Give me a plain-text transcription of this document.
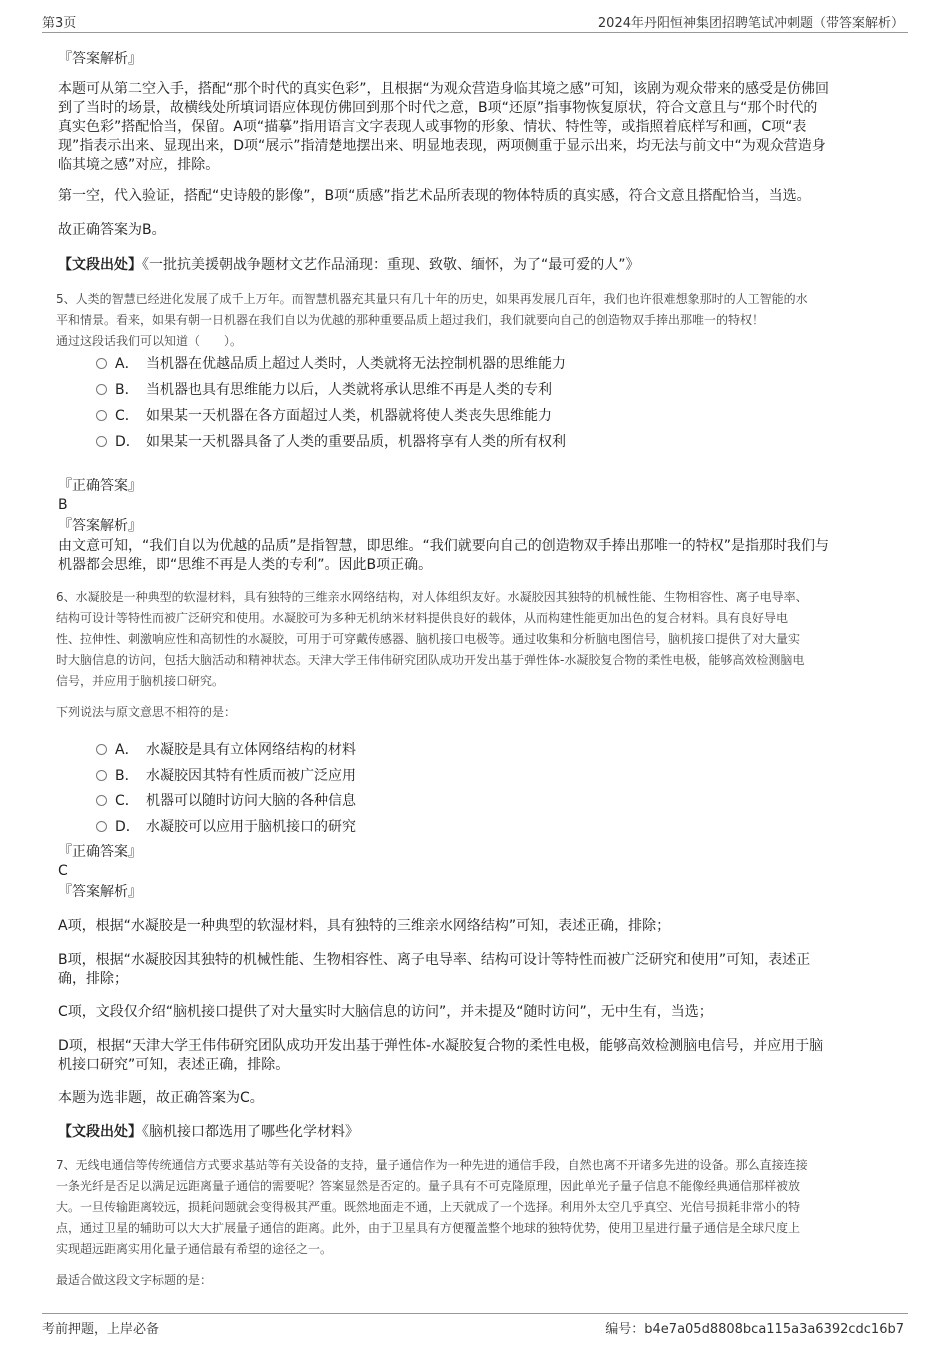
第3页	2024年丹阳恒神集团招聘笔试冲刺题（带答案解析）
『答案解析』
本题可从第二空入手，搭配“那个时代的真实色彩”，且根据“为观众营造身临其境之感”可知，该剧为观众带来的感受是仿佛回
到了当时的场景，故横线处所填词语应体现仿佛回到那个时代之意，B项“还原”指事物恢复原状，符合文意且与“那个时代的
真实色彩”搭配恰当，保留。A项“描摹”指用语言文字表现人或事物的形象、情状、特性等，或指照着底样写和画，C项“表
现”指表示出来、显现出来，D项“展示”指清楚地摆出来、明显地表现，两项侧重于显示出来，均无法与前文中“为观众营造身
临其境之感”对应，排除。
第一空，代入验证，搭配“史诗般的影像”，B项“质感”指艺术品所表现的物体特质的真实感，符合文意且搭配恰当，当选。
故正确答案为B。
【文段出处】《一批抗美援朝战争题材文艺作品涌现：重现、致敬、缅怀，为了“最可爱的人”》
5、人类的智慧已经进化发展了成千上万年。而智慧机器充其量只有几十年的历史，如果再发展几百年，我们也许很难想象那时的人工智能的水
平和情景。看来，如果有朝一日机器在我们自以为优越的那种重要品质上超过我们，我们就要向自己的创造物双手捧出那唯一的特权！
通过这段话我们可以知道（　　）。
A． 当机器在优越品质上超过人类时，人类就将无法控制机器的思维能力
B． 当机器也具有思维能力以后，人类就将承认思维不再是人类的专利
C． 如果某一天机器在各方面超过人类，机器就将使人类丧失思维能力
D． 如果某一天机器具备了人类的重要品质，机器将享有人类的所有权利
『正确答案』
B
『答案解析』
由文意可知，“我们自以为优越的品质”是指智慧，即思维。“我们就要向自己的创造物双手捧出那唯一的特权”是指那时我们与
机器都会思维，即“思维不再是人类的专利”。因此B项正确。
6、水凝胶是一种典型的软湿材料，具有独特的三维亲水网络结构，对人体组织友好。水凝胶因其独特的机械性能、生物相容性、离子电导率、
结构可设计等特性而被广泛研究和使用。水凝胶可为多种无机纳米材料提供良好的载体，从而构建性能更加出色的复合材料。具有良好导电
性、拉伸性、刺激响应性和高韧性的水凝胶，可用于可穿戴传感器、脑机接口电极等。通过收集和分析脑电图信号，脑机接口提供了对大量实
时大脑信息的访问，包括大脑活动和精神状态。天津大学王伟伟研究团队成功开发出基于弹性体-水凝胶复合物的柔性电极，能够高效检测脑电
信号，并应用于脑机接口研究。
下列说法与原文意思不相符的是：
A． 水凝胶是具有立体网络结构的材料
B． 水凝胶因其特有性质而被广泛应用
C． 机器可以随时访问大脑的各种信息
D． 水凝胶可以应用于脑机接口的研究
『正确答案』
C
『答案解析』
A项，根据“水凝胶是一种典型的软湿材料，具有独特的三维亲水网络结构”可知，表述正确，排除；
B项，根据“水凝胶因其独特的机械性能、生物相容性、离子电导率、结构可设计等特性而被广泛研究和使用”可知，表述正
确，排除；
C项，文段仅介绍“脑机接口提供了对大量实时大脑信息的访问”，并未提及“随时访问”，无中生有，当选；
D项，根据“天津大学王伟伟研究团队成功开发出基于弹性体-水凝胶复合物的柔性电极，能够高效检测脑电信号，并应用于脑
机接口研究”可知，表述正确，排除。
本题为选非题，故正确答案为C。
【文段出处】《脑机接口都选用了哪些化学材料》
7、无线电通信等传统通信方式要求基站等有关设备的支持，量子通信作为一种先进的通信手段，自然也离不开诸多先进的设备。那么直接连接
一条光纤是否足以满足远距离量子通信的需要呢？答案显然是否定的。量子具有不可克隆原理，因此单光子量子信息不能像经典通信那样被放
大。一旦传输距离较远，损耗问题就会变得极其严重。既然地面走不通，上天就成了一个选择。利用外太空几乎真空、光信号损耗非常小的特
点，通过卫星的辅助可以大大扩展量子通信的距离。此外，由于卫星具有方便覆盖整个地球的独特优势，使用卫星进行量子通信是全球尺度上
实现超远距离实用化量子通信最有希望的途径之一。
最适合做这段文字标题的是：
考前押题，上岸必备	编号：b4e7a05d8808bca115a3a6392cdc16b7
